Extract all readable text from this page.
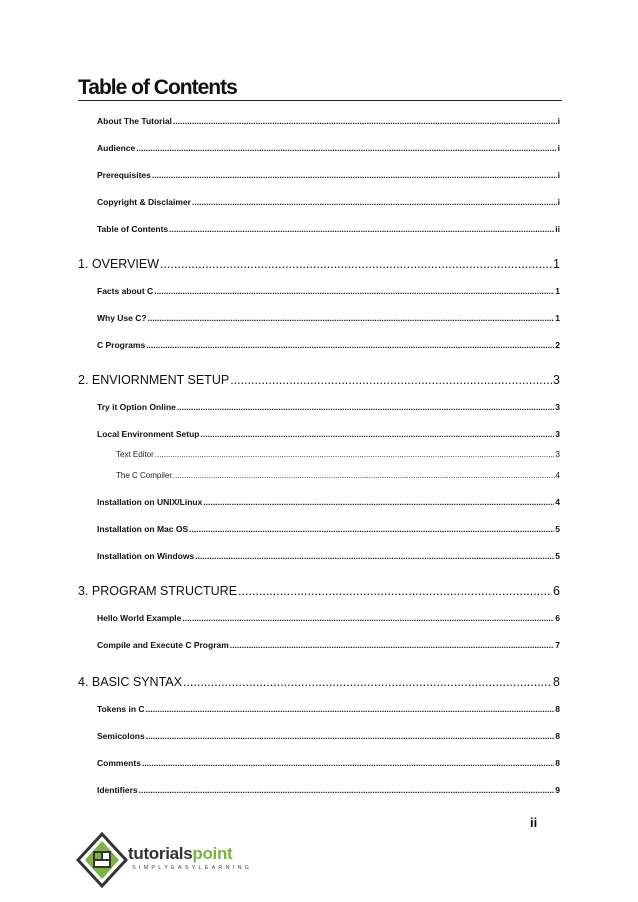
Table of Contents
About The Tutorial .....	i
Audience .....	i
Prerequisites .....	i
Copyright & Disclaimer .....	i
Table of Contents .....	ii
1. OVERVIEW .....	1
Facts about C .....	1
Why Use C? .....	1
C Programs .....	2
2. ENVIORNMENT SETUP .....	3
Try it Option Online .....	3
Local Environment Setup .....	3
Text Editor .....	3
The C Compiler .....	4
Installation on UNIX/Linux .....	4
Installation on Mac OS .....	5
Installation on Windows .....	5
3. PROGRAM STRUCTURE .....	6
Hello World Example .....	6
Compile and Execute C Program .....	7
4. BASIC SYNTAX .....	8
Tokens in C .....	8
Semicolons .....	8
Comments .....	8
Identifiers .....	9
ii
tutorialspoint
SIMPLYEASYLEARNING
